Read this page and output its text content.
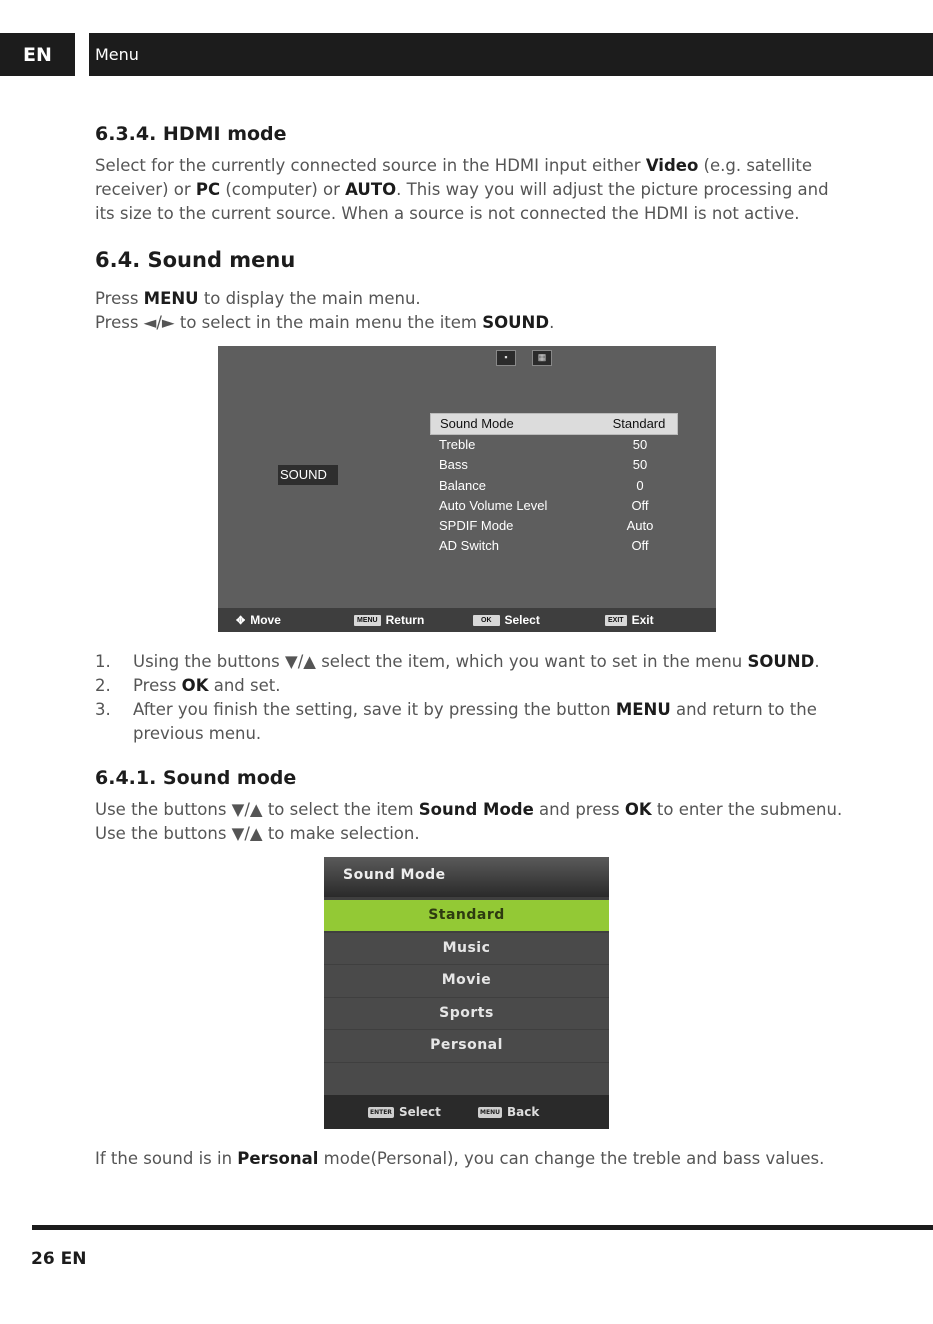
EN	Menu
6.3.4. HDMI mode

Select for the currently connected source in the HDMI input either Video (e.g. satellite

receiver) or PC (computer) or AUTO. This way you will adjust the picture processing and

its size to the current source. When a source is not connected the HDMI is not active.

6.4. Sound menu

Press MENU to display the main menu.

Press ◄/► to select in the main menu the item SOUND.

▪	▦
SOUND
Sound Mode	Standard
Treble	50
Bass	50
Balance	0
Auto Volume Level	Off
SPDIF Mode	Auto
AD Switch	Off
✥ Move	MENU Return	OK	Select	EXIT Exit

1. Using the buttons ▼/▲ select the item, which you want to set in the menu SOUND.

2. Press OK and set.

3. After you finish the setting, save it by pressing the button MENU and return to the

previous menu.

6.4.1. Sound mode

Use the buttons ▼/▲ to select the item Sound Mode and press OK to enter the submenu.

Use the buttons ▼/▲ to make selection.

Sound Mode
Standard
Music
Movie
Sports
Personal
ENTER Select	MENU Back

If the sound is in Personal mode(Personal), you can change the treble and bass values.

26 EN
